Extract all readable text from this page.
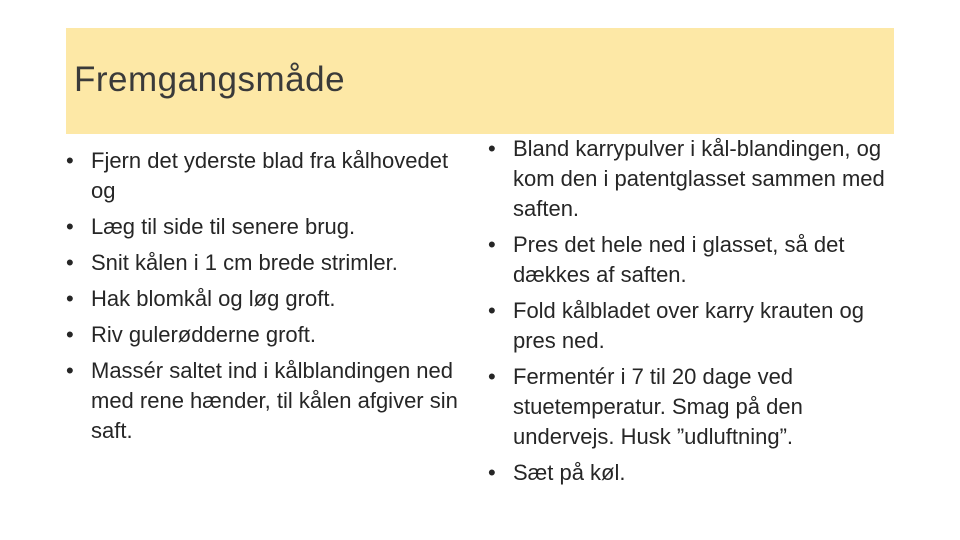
Fremgangsmåde
• Fjern det yderste blad fra kålhovedet og
• Læg til side til senere brug.
• Snit kålen i 1 cm brede strimler.
• Hak blomkål og løg groft.
• Riv gulerødderne groft.
• Massér saltet ind i kålblandingen ned med rene hænder, til kålen afgiver sin saft.
• Bland karrypulver i kål-blandingen, og kom den i patentglasset sammen med saften.
• Pres det hele ned i glasset, så det dækkes af saften.
• Fold kålbladet over karry krauten og pres ned.
• Fermentér i 7 til 20 dage ved stuetemperatur. Smag på den undervejs. Husk ”udluftning”.
• Sæt på køl.
